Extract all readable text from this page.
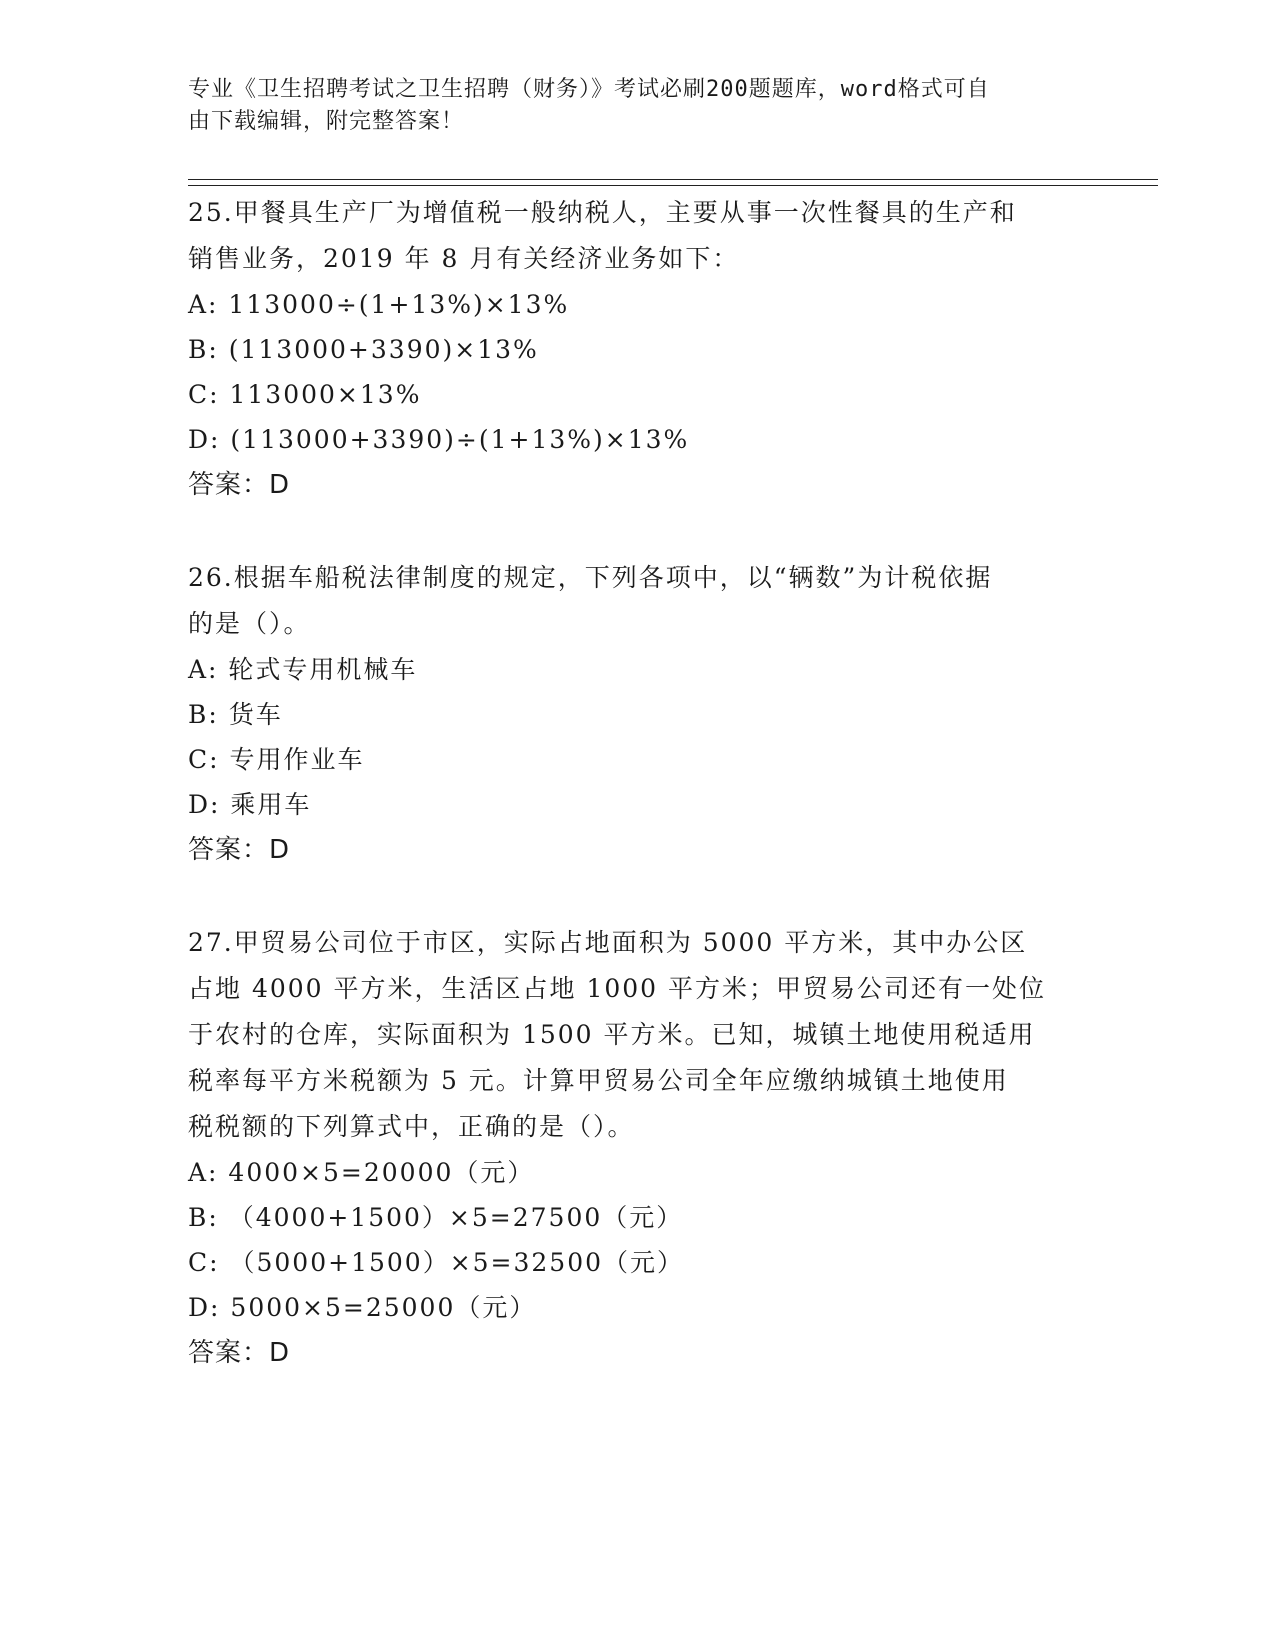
专业《卫生招聘考试之卫生招聘（财务）》考试必刷200题题库，word格式可自
由下载编辑，附完整答案！
25.甲餐具生产厂为增值税一般纳税人，主要从事一次性餐具的生产和
销售业务，2019 年 8 月有关经济业务如下：
A: 113000÷(1+13%)×13%
B: (113000+3390)×13%
C: 113000×13%
D: (113000+3390)÷(1+13%)×13%
答案：D
26.根据车船税法律制度的规定，下列各项中，以“辆数”为计税依据
的是（）。
A: 轮式专用机械车
B: 货车
C: 专用作业车
D: 乘用车
答案：D
27.甲贸易公司位于市区，实际占地面积为 5000 平方米，其中办公区
占地 4000 平方米，生活区占地 1000 平方米；甲贸易公司还有一处位
于农村的仓库，实际面积为 1500 平方米。已知，城镇土地使用税适用
税率每平方米税额为 5 元。计算甲贸易公司全年应缴纳城镇土地使用
税税额的下列算式中，正确的是（）。
A: 4000×5=20000（元）
B: （4000+1500）×5=27500（元）
C: （5000+1500）×5=32500（元）
D: 5000×5=25000（元）
答案：D
